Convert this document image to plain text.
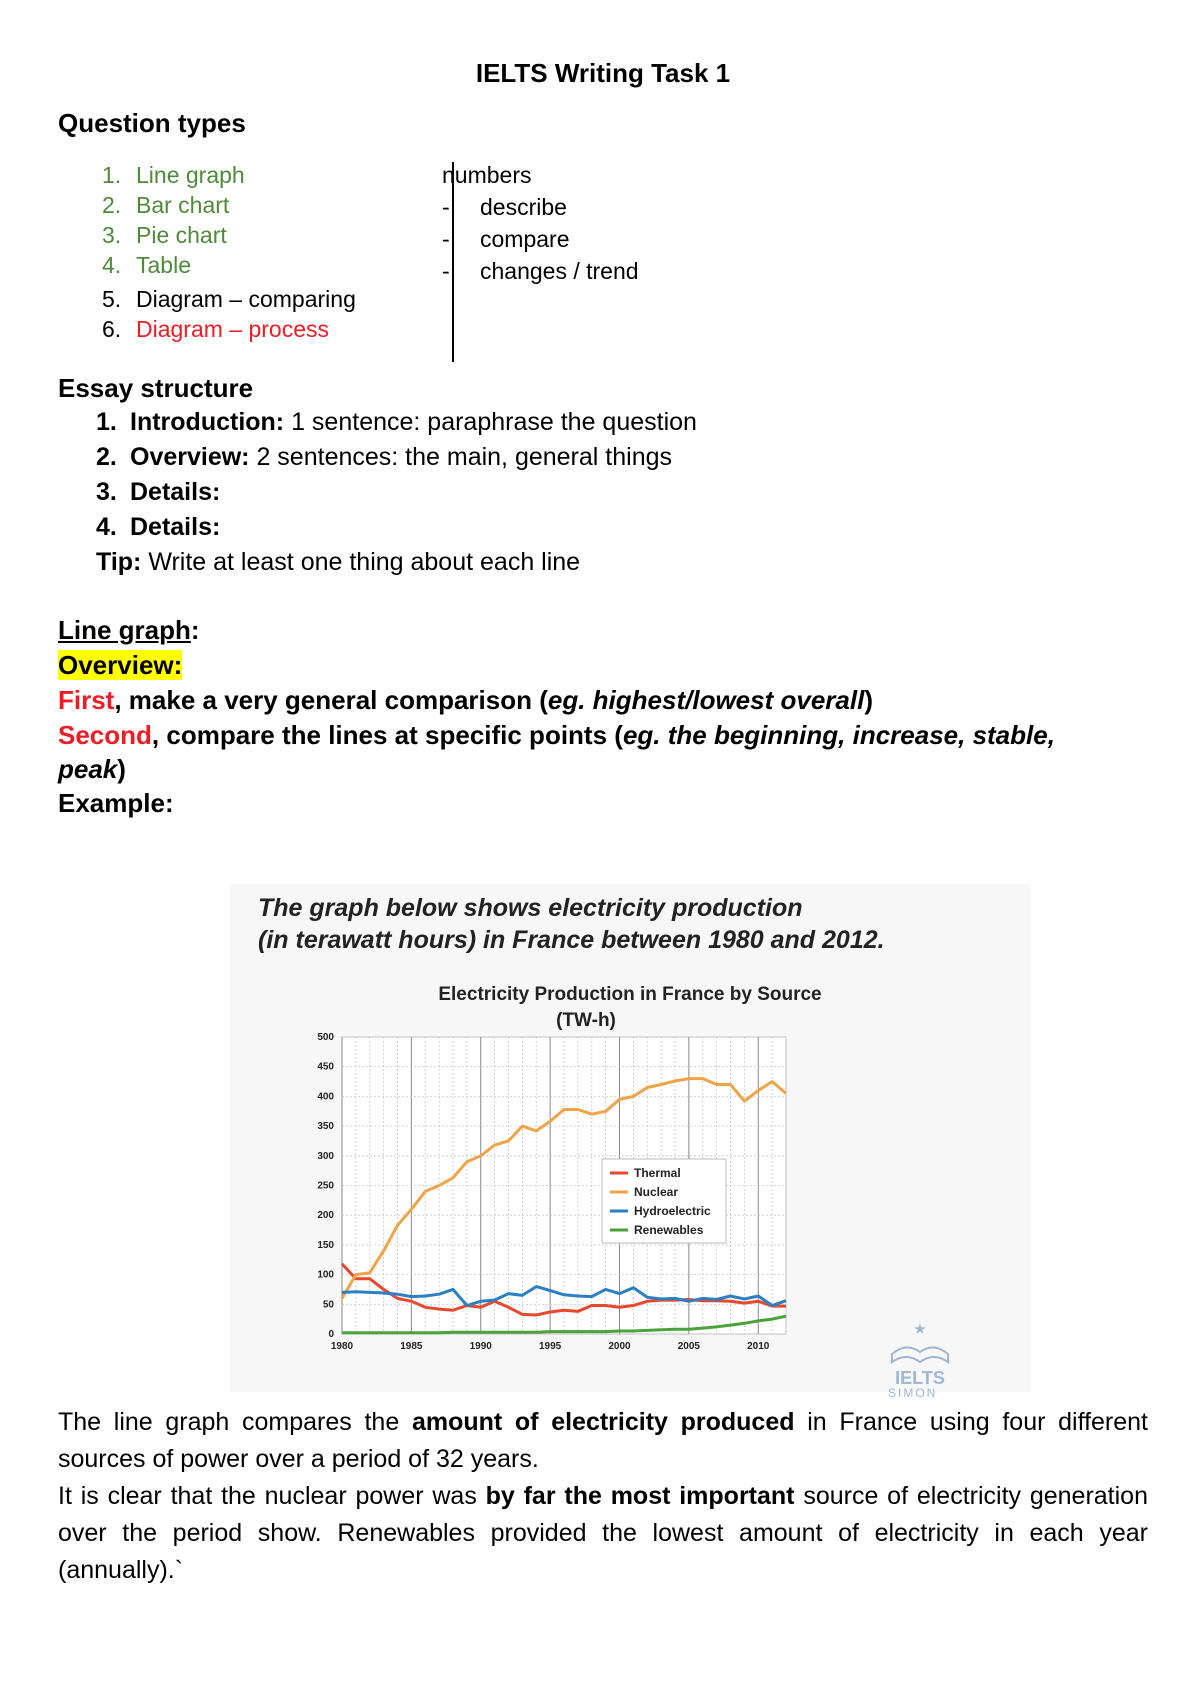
IELTS Writing Task 1
Question types
1. Line graph
2. Bar chart
3. Pie chart
4. Table
5. Diagram – comparing
6. Diagram – process
numbers
- describe
- compare
- changes / trend
Essay structure
1. Introduction: 1 sentence: paraphrase the question
2. Overview: 2 sentences: the main, general things
3. Details:
4. Details:
Tip: Write at least one thing about each line
Line graph:
Overview:
First, make a very general comparison (eg. highest/lowest overall)
Second, compare the lines at specific points (eg. the beginning, increase, stable,
peak)
Example:
The graph below shows electricity production
(in terawatt hours) in France between 1980 and 2012.
Electricity Production in France by Source
(TW-h)
0
50
100
150
200
250
300
350
400
450
500
1980	1985	1990	1995	2000	2005	2010
Thermal
Nuclear
Hydroelectric
Renewables
★
IELTS
SIMON
The line graph compares the amount of electricity produced in France using four different sources of power over a period of 32 years.
It is clear that the nuclear power was by far the most important source of electricity generation over the period show. Renewables provided the lowest amount of electricity in each year (annually).`
